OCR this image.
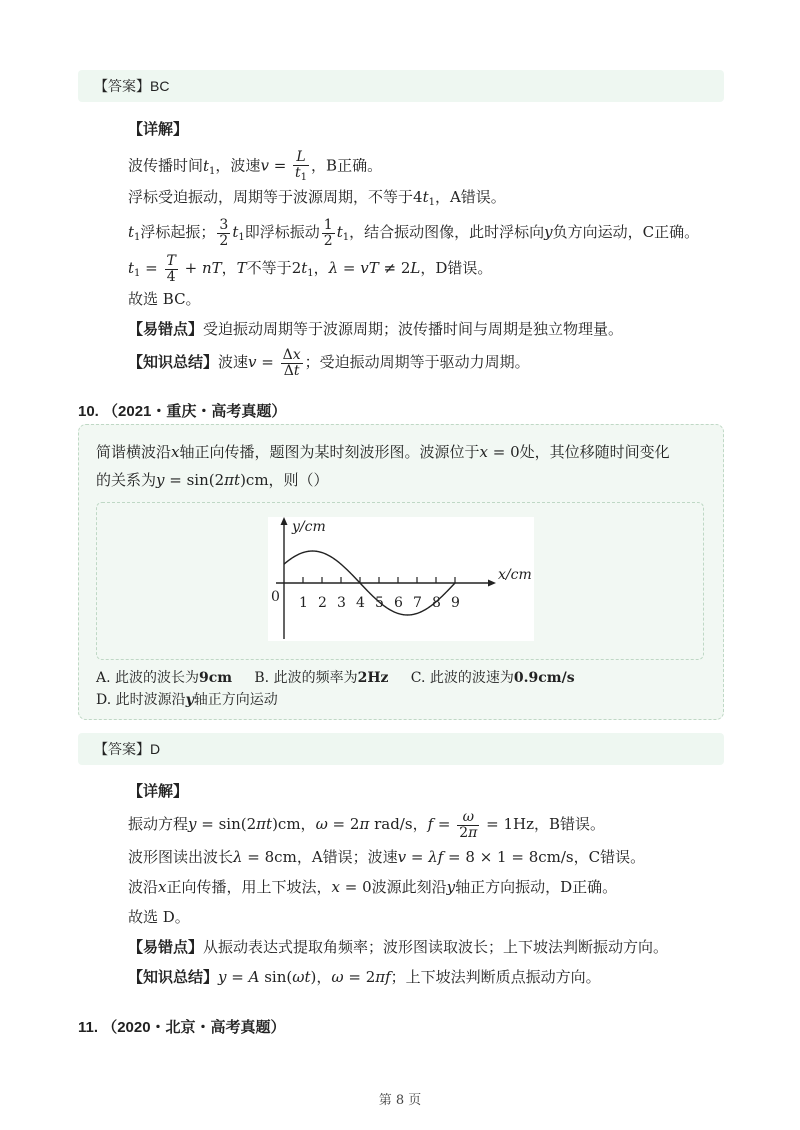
【答案】BC
【详解】
波传播时间$t_1$，波速$v = \frac{L}{t_1}$ ，B正确。
浮标受迫振动，周期等于波源周期，不等于$4t_1$，A错误。
$t_1$浮标起振； $\frac{3}{2} t_1$即浮标振动 $\frac{1}{2} t_1$，结合振动图像，此时浮标向y负方向运动，C正确。
$t_1 = \frac{T}{4}$ + nT，T不等于$2t_1$，λ = vT ≠ 2L，D错误。
故选 BC。
【易错点】受迫振动周期等于波源周期；波传播时间与周期是独立物理量。
【知识总结】波速$v = \frac{\Delta x}{\Delta t}$ ；受迫振动周期等于驱动力周期。
10. （2021・重庆・高考真题）
简谐横波沿x轴正向传播，题图为某时刻波形图。波源位于x = 0处，其位移随时间变化
的关系为y = sin(2πt)cm，则（）
y/cm
x/cm
0 1 2 3 4 5 6 7 8 9
A. 此波的波长为9cm B. 此波的频率为2Hz C. 此波的波速为0.9cm/s
D. 此时波源沿y轴正方向运动
【答案】D
【详解】
振动方程y = sin(2πt)cm，ω = 2π rad/s，$f = \frac{\omega}{2\pi} = 1Hz$，B错误。
波形图读出波长λ = 8cm，A错误；波速v = λf = 8 × 1 = 8cm/s，C错误。
波沿x正向传播，用上下坡法，x = 0波源此刻沿y轴正方向振动，D正确。
故选 D。
【易错点】从振动表达式提取角频率；波形图读取波长；上下坡法判断振动方向。
【知识总结】y = A sin(ωt)，ω = 2πf；上下坡法判断质点振动方向。
11. （2020・北京・高考真题）
第 8 页
